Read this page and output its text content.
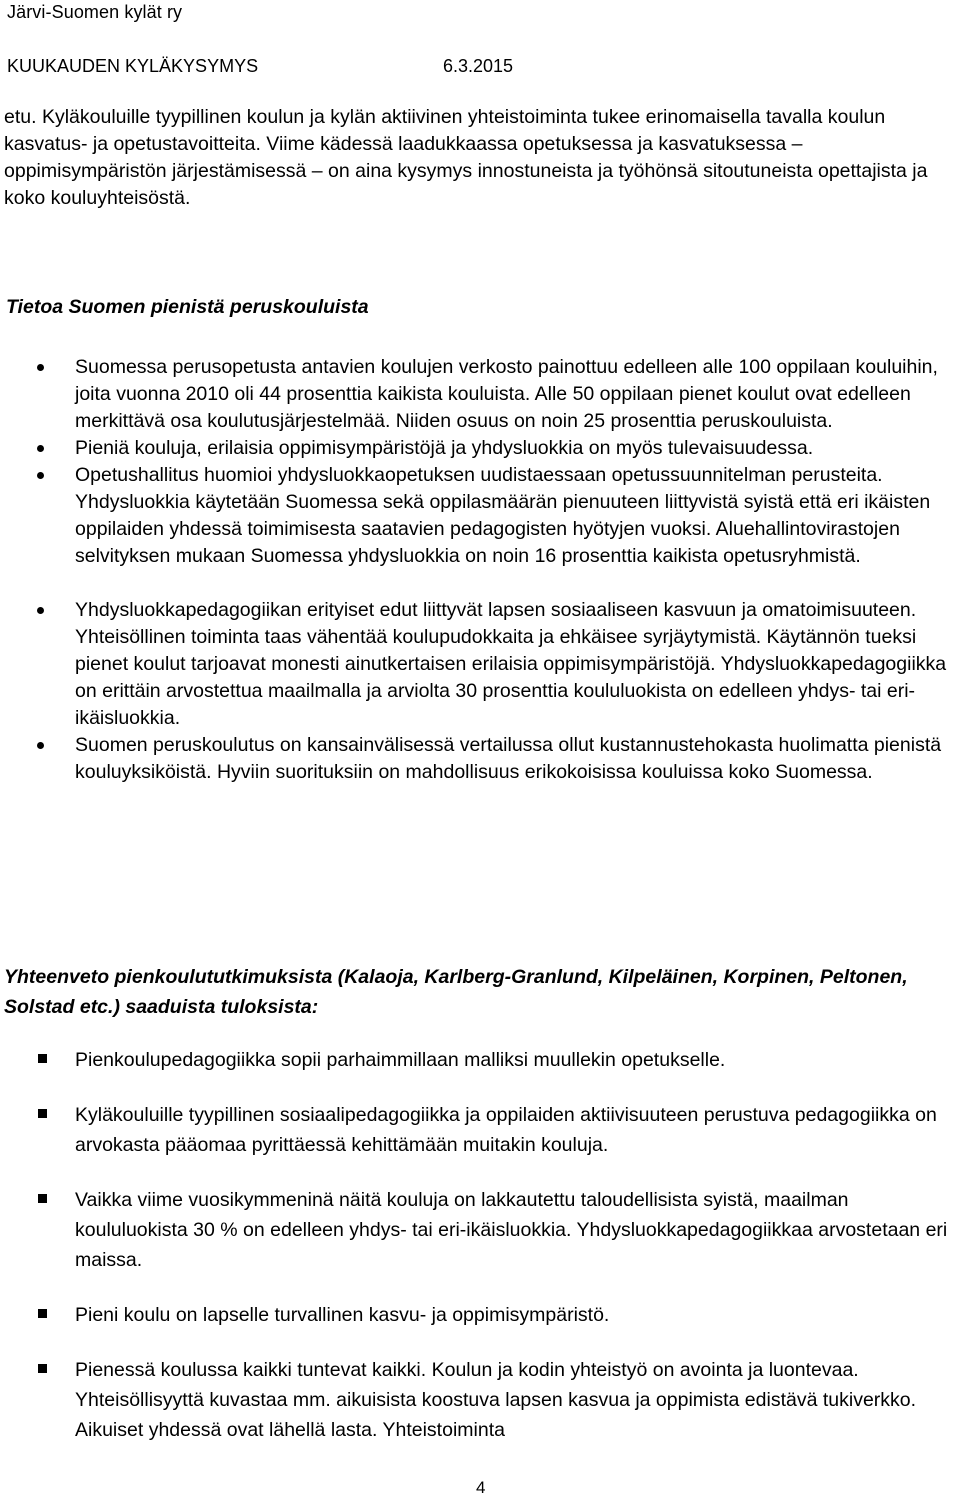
Järvi-Suomen kylät ry
KUUKAUDEN KYLÄKYSYMYS	6.3.2015

etu. Kyläkouluille tyypillinen koulun ja kylän aktiivinen yhteistoiminta tukee erinomaisella tavalla koulun kasvatus- ja opetustavoitteita. Viime kädessä laadukkaassa opetuksessa ja kasvatuksessa – oppimisympäristön järjestämisessä – on aina kysymys innostuneista ja työhönsä sitoutuneista opettajista ja koko kouluyhteisöstä.

Tietoa Suomen pienistä peruskouluista
Suomessa perusopetusta antavien koulujen verkosto painottuu edelleen alle 100 oppilaan kouluihin, joita vuonna 2010 oli 44 prosenttia kaikista kouluista. Alle 50 oppilaan pienet koulut ovat edelleen merkittävä osa koulutusjärjestelmää. Niiden osuus on noin 25 prosenttia peruskouluista.
Pieniä kouluja, erilaisia oppimisympäristöjä ja yhdysluokkia on myös tulevaisuudessa.
Opetushallitus huomioi yhdysluokkaopetuksen uudistaessaan opetussuunnitelman perusteita. Yhdysluokkia käytetään Suomessa sekä oppilasmäärän pienuuteen liittyvistä syistä että eri ikäisten oppilaiden yhdessä toimimisesta saatavien pedagogisten hyötyjen vuoksi. Aluehallintovirastojen selvityksen mukaan Suomessa yhdysluokkia on noin 16 prosenttia kaikista opetusryhmistä.
Yhdysluokkapedagogiikan erityiset edut liittyvät lapsen sosiaaliseen kasvuun ja omatoimisuuteen. Yhteisöllinen toiminta taas vähentää koulupudokkaita ja ehkäisee syrjäytymistä. Käytännön tueksi pienet koulut tarjoavat monesti ainutkertaisen erilaisia oppimisympäristöjä. Yhdysluokkapedagogiikka on erittäin arvostettua maailmalla ja arviolta 30 prosenttia koululuokista on edelleen yhdys- tai eri-ikäisluokkia.
Suomen peruskoulutus on kansainvälisessä vertailussa ollut kustannustehokasta huolimatta pienistä kouluyksiköistä. Hyviin suorituksiin on mahdollisuus erikokoisissa kouluissa koko Suomessa.
Yhteenveto pienkoulututkimuksista (Kalaoja, Karlberg-Granlund, Kilpeläinen, Korpinen, Peltonen, Solstad etc.) saaduista tuloksista:
Pienkoulupedagogiikka sopii parhaimmillaan malliksi muullekin opetukselle.
Kyläkouluille tyypillinen sosiaalipedagogiikka ja oppilaiden aktiivisuuteen perustuva pedagogiikka on arvokasta pääomaa pyrittäessä kehittämään muitakin kouluja.
Vaikka viime vuosikymmeninä näitä kouluja on lakkautettu taloudellisista syistä, maailman koululuokista 30 % on edelleen yhdys- tai eri-ikäisluokkia. Yhdysluokkapedagogiikkaa arvostetaan eri maissa.
Pieni koulu on lapselle turvallinen kasvu- ja oppimisympäristö.
Pienessä koulussa kaikki tuntevat kaikki. Koulun ja kodin yhteistyö on avointa ja luontevaa. Yhteisöllisyyttä kuvastaa mm. aikuisista koostuva lapsen kasvua ja oppimista edistävä tukiverkko. Aikuiset yhdessä ovat lähellä lasta. Yhteistoiminta
4
